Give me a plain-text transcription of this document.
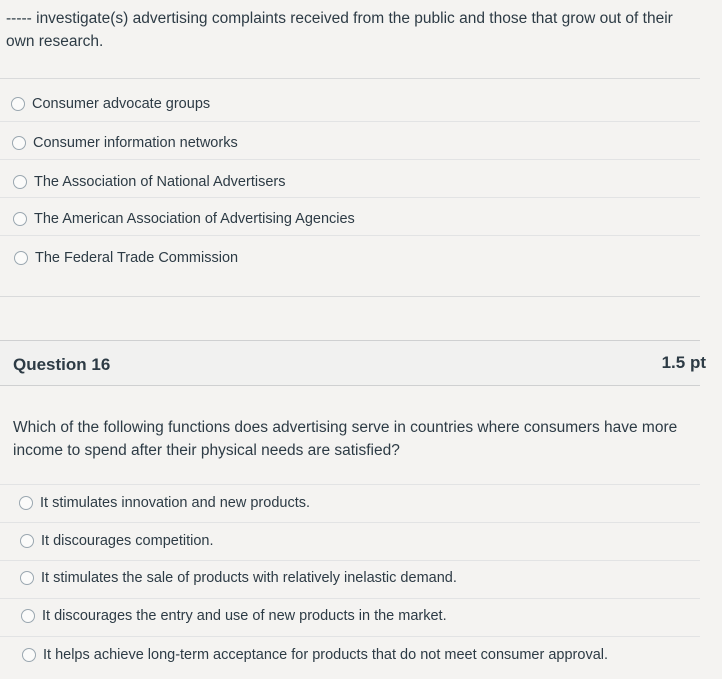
----- investigate(s) advertising complaints received from the public and those that grow out of their own research.
Consumer advocate groups
Consumer information networks
The Association of National Advertisers
The American Association of Advertising Agencies
The Federal Trade Commission
Question 16	1.5 pt
Which of the following functions does advertising serve in countries where consumers have more income to spend after their physical needs are satisfied?
It stimulates innovation and new products.
It discourages competition.
It stimulates the sale of products with relatively inelastic demand.
It discourages the entry and use of new products in the market.
It helps achieve long-term acceptance for products that do not meet consumer approval.
